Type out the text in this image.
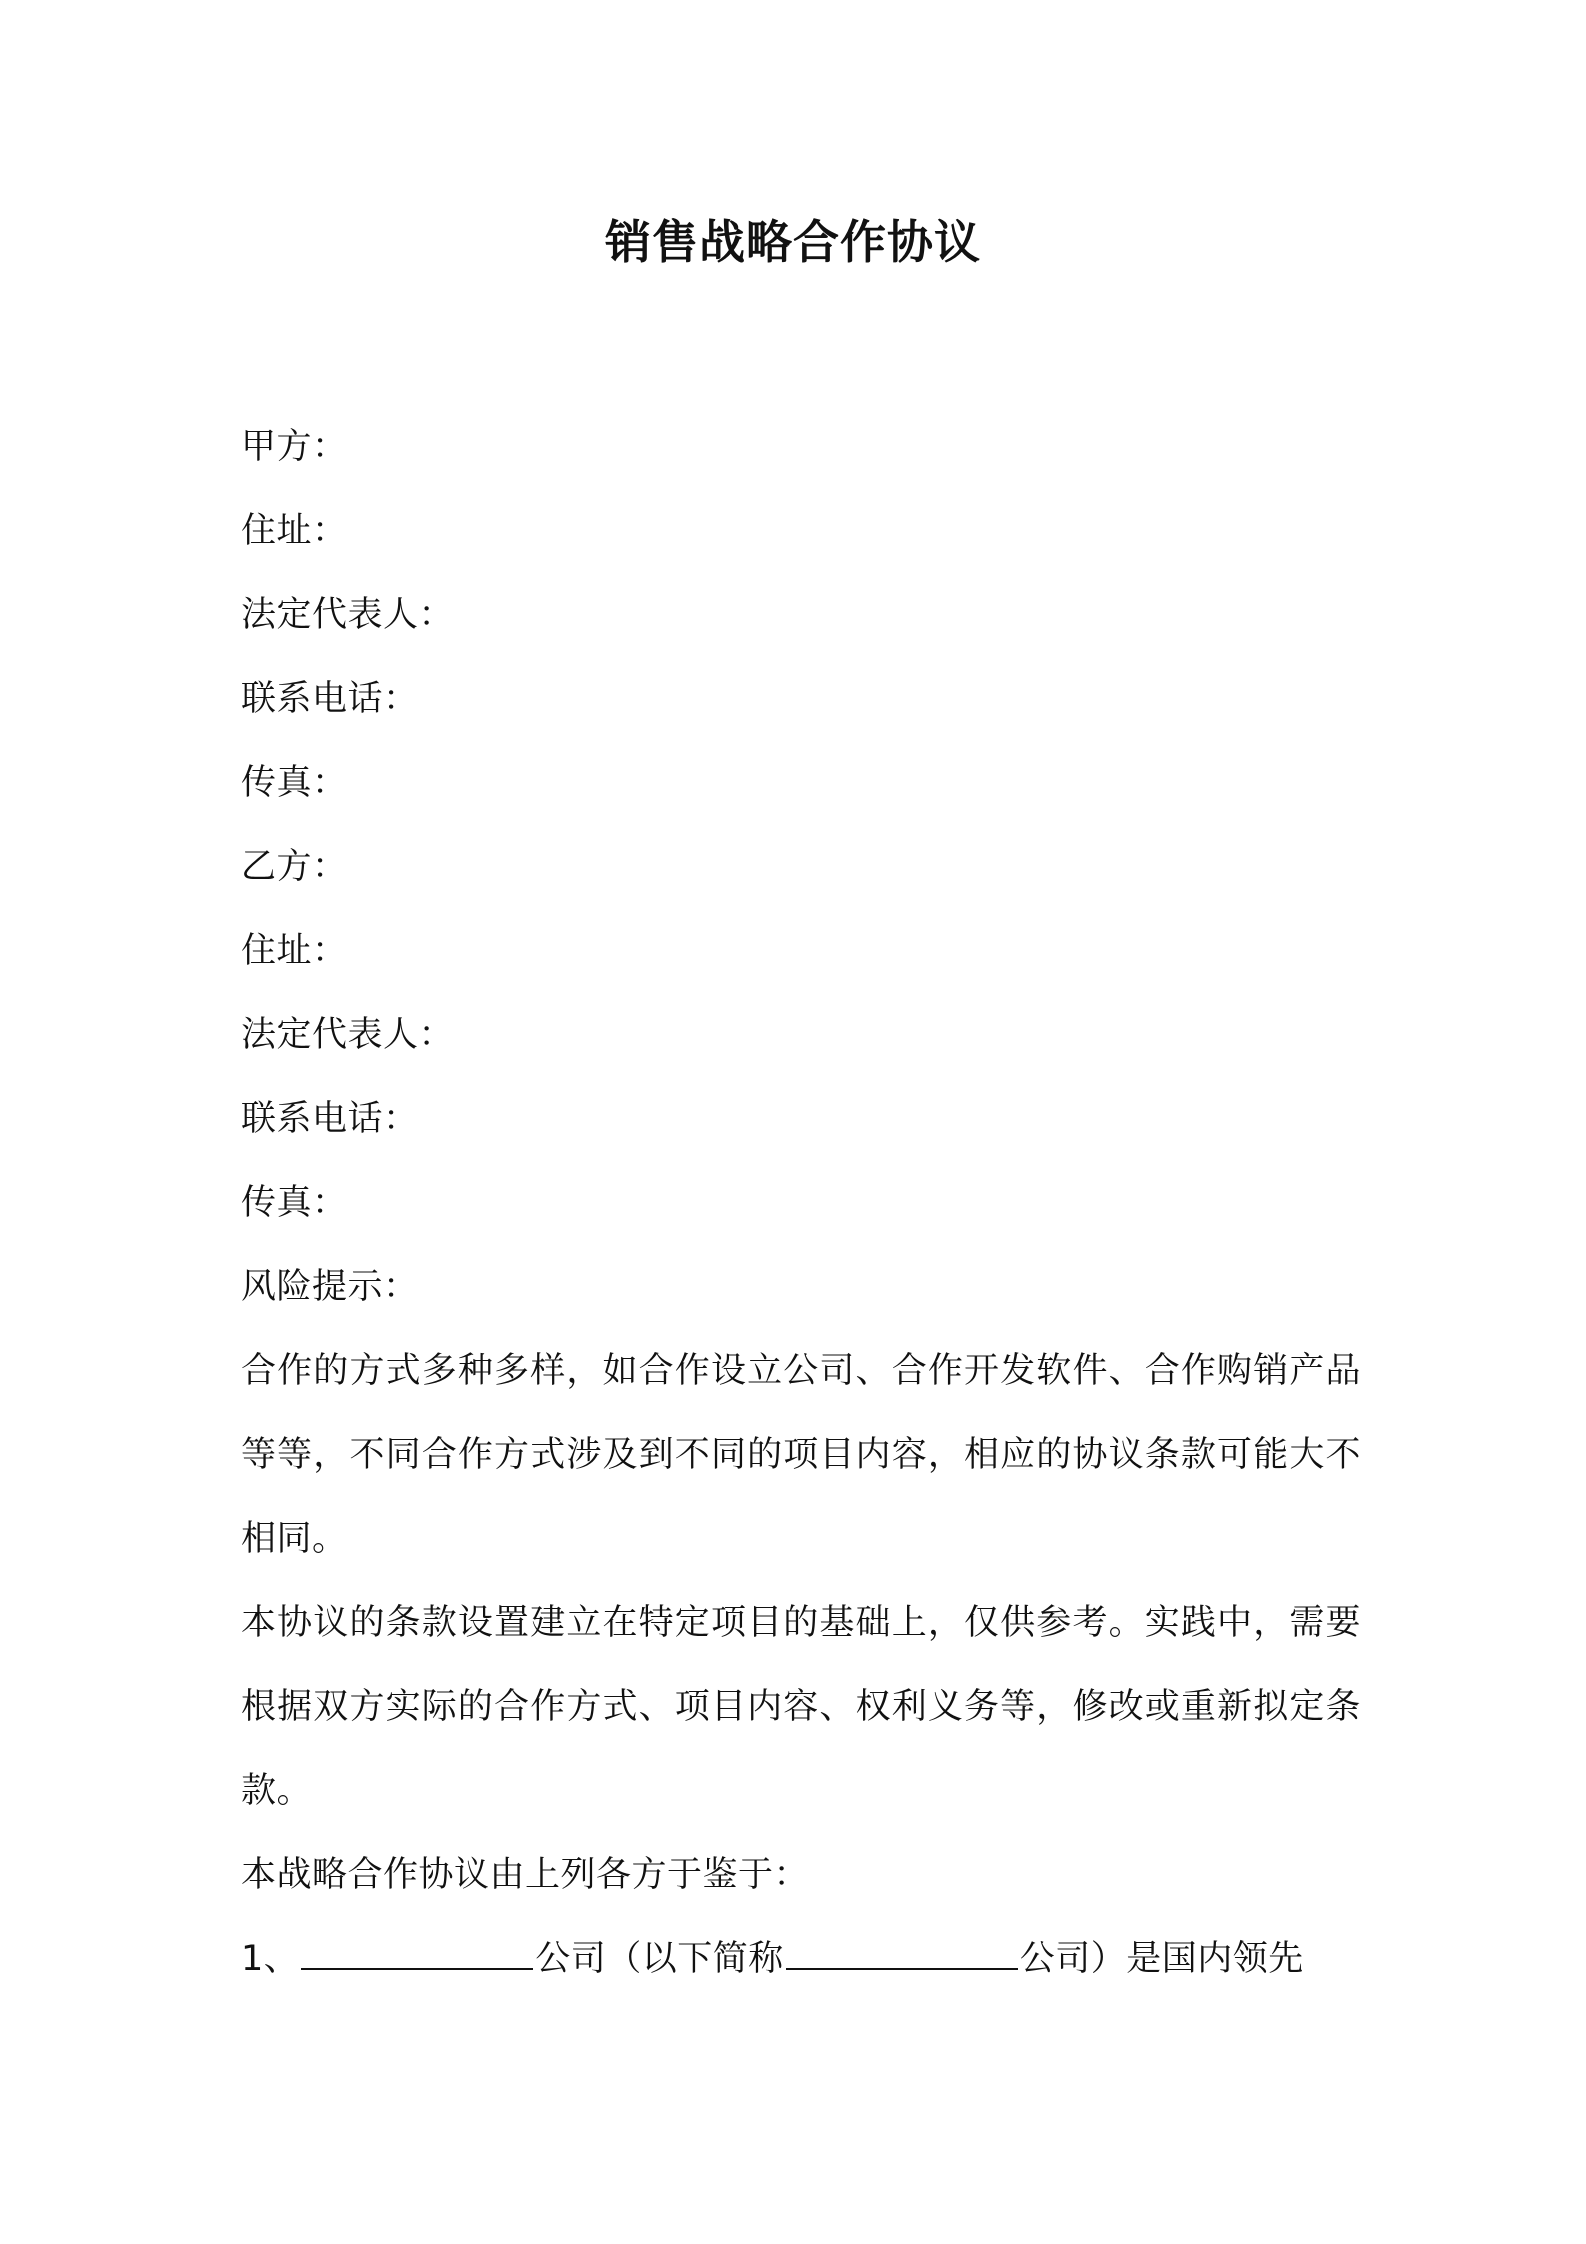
销售战略合作协议
甲方：
住址：
法定代表人：
联系电话：
传真：
乙方：
住址：
法定代表人：
联系电话：
传真：
风险提示：

合作的方式多种多样，如合作设立公司、合作开发软件、合作购销产品等等，不同合作方式涉及到不同的项目内容，相应的协议条款可能大不相同。

本协议的条款设置建立在特定项目的基础上，仅供参考。实践中，需要根据双方实际的合作方式、项目内容、权利义务等，修改或重新拟定条款。

本战略合作协议由上列各方于鉴于：
1、	公司（以下简称	公司）是国内领先
